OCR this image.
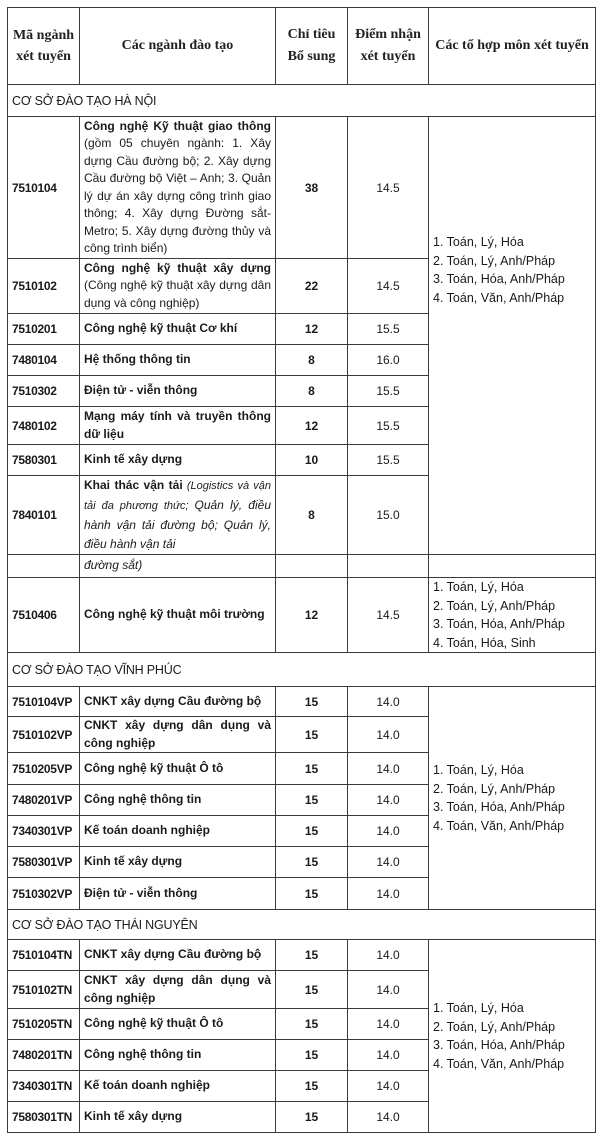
Mã ngành xét tuyển	Các ngành đào tạo	Chỉ tiêu Bổ sung	Điểm nhận xét tuyển	Các tổ hợp môn xét tuyển
CƠ SỞ ĐÀO TẠO HÀ NỘI				
7510104	Công nghệ Kỹ thuật giao thông (gồm 05 chuyên ngành: 1. Xây dựng Cầu đường bộ; 2. Xây dựng Cầu đường bộ Việt – Anh; 3. Quản lý dự án xây dựng công trình giao thông; 4. Xây dựng Đường sắt- Metro; 5. Xây dựng đường thủy và công trình biển)	38	14.5	
1. Toán, Lý, Hóa
2. Toán, Lý, Anh/Pháp
3. Toán, Hóa, Anh/Pháp
4. Toán, Văn, Anh/Pháp

7510102	Công nghệ kỹ thuật xây dựng (Công nghệ kỹ thuật xây dựng dân dụng và công nghiệp)	22	14.5	
7510201	Công nghệ kỹ thuật Cơ khí	12	15.5	
7480104	Hệ thống thông tin	8	16.0	
7510302	Điện tử - viễn thông	8	15.5	
7480102	Mạng máy tính và truyền thông dữ liệu	12	15.5	
7580301	Kinh tế xây dựng	10	15.5	
7840101	Khai thác vận tải (Logistics và vận tải đa phương thức; Quản lý, điều hành vận tải đường bộ; Quản lý, điều hành vận tải	8	15.0	
	đường sắt)			
7510406	Công nghệ kỹ thuật môi trường	12	14.5	1. Toán, Lý, Hóa
2. Toán, Lý, Anh/Pháp
3. Toán, Hóa, Anh/Pháp
4. Toán, Hóa, Sinh

CƠ SỞ ĐÀO TẠO VĨNH PHÚC				
7510104VP	CNKT xây dựng Cầu đường bộ	15	14.0	1. Toán, Lý, Hóa
2. Toán, Lý, Anh/Pháp
3. Toán, Hóa, Anh/Pháp
4. Toán, Văn, Anh/Pháp

7510102VP	CNKT xây dựng dân dụng và công nghiệp	15	14.0	
7510205VP	Công nghệ kỹ thuật Ô tô	15	14.0	
7480201VP	Công nghệ thông tin	15	14.0	
7340301VP	Kế toán doanh nghiệp	15	14.0	
7580301VP	Kinh tế xây dựng	15	14.0	
7510302VP	Điện tử - viễn thông	15	14.0	
CƠ SỞ ĐÀO TẠO THÁI NGUYÊN				
7510104TN	CNKT xây dựng Cầu đường bộ	15	14.0	1. Toán, Lý, Hóa
2. Toán, Lý, Anh/Pháp
3. Toán, Hóa, Anh/Pháp
4. Toán, Văn, Anh/Pháp

7510102TN	CNKT xây dựng dân dụng và công nghiệp	15	14.0	
7510205TN	Công nghệ kỹ thuật Ô tô	15	14.0	
7480201TN	Công nghệ thông tin	15	14.0	
7340301TN	Kế toán doanh nghiệp	15	14.0	
7580301TN	Kinh tế xây dựng	15	14.0	
